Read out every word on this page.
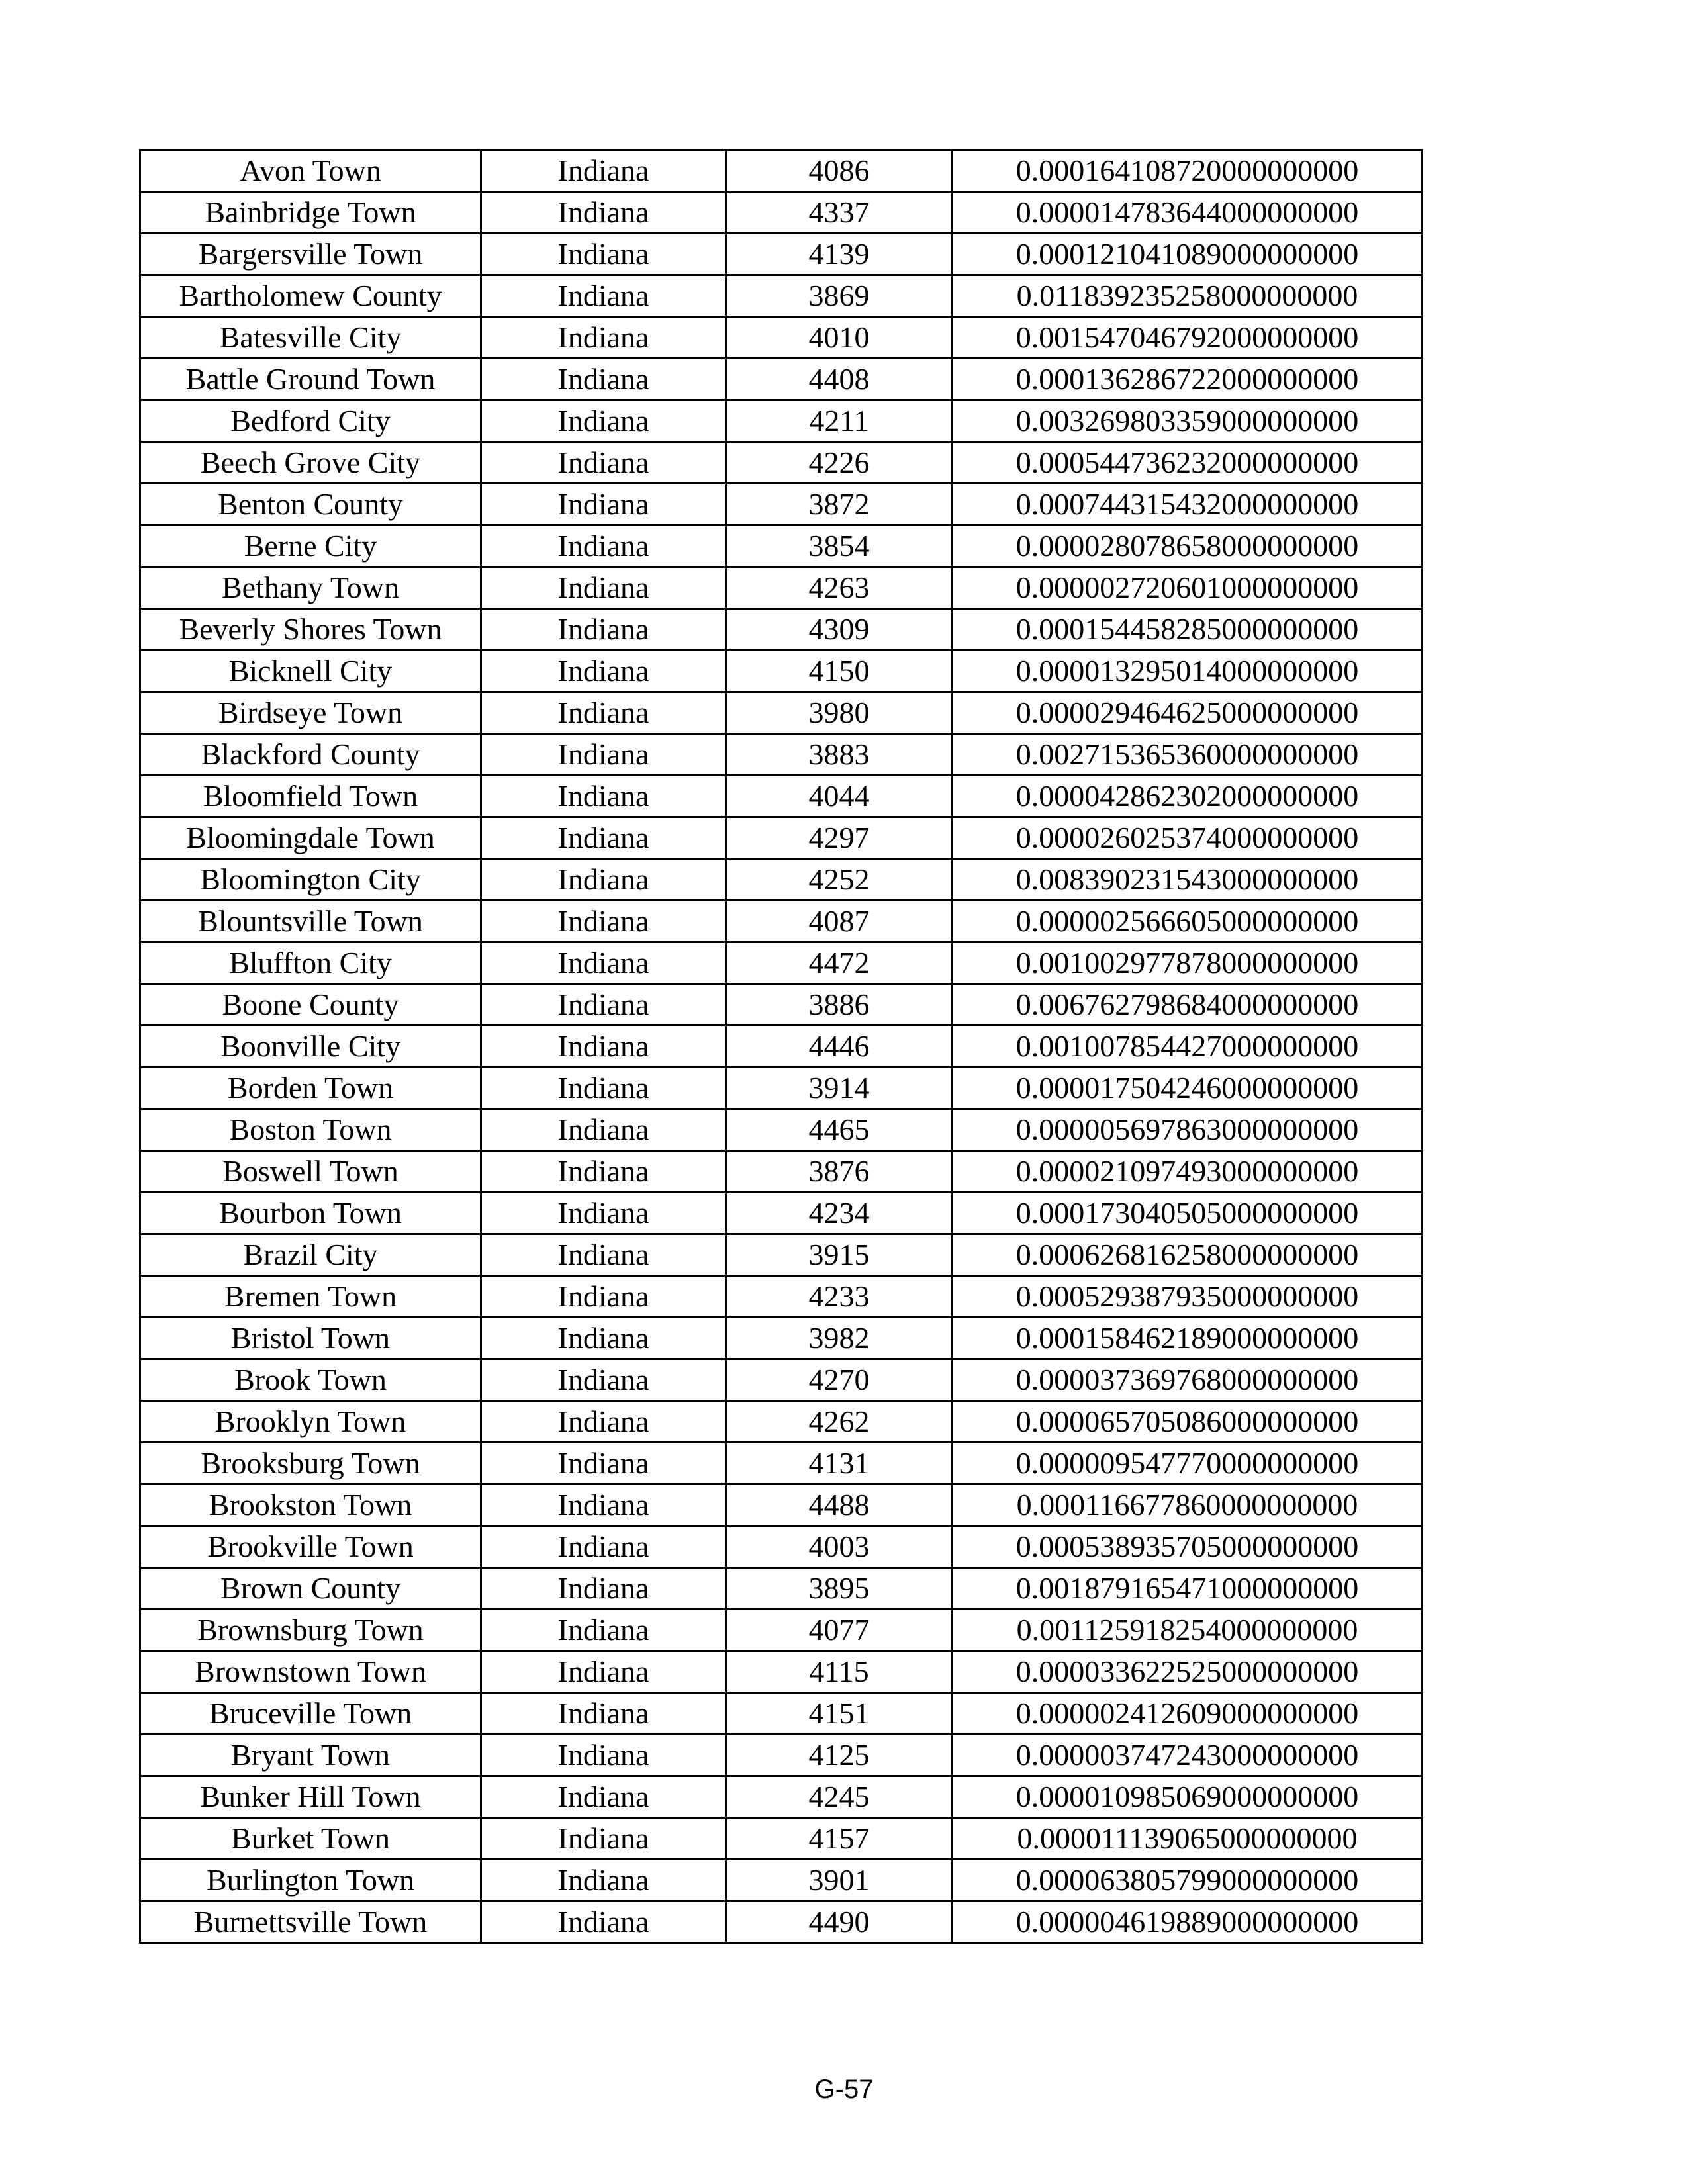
Avon Town	Indiana	4086	0.000164108720000000000
Bainbridge Town	Indiana	4337	0.000014783644000000000
Bargersville Town	Indiana	4139	0.000121041089000000000
Bartholomew County	Indiana	3869	0.011839235258000000000
Batesville City	Indiana	4010	0.001547046792000000000
Battle Ground Town	Indiana	4408	0.000136286722000000000
Bedford City	Indiana	4211	0.003269803359000000000
Beech Grove City	Indiana	4226	0.000544736232000000000
Benton County	Indiana	3872	0.000744315432000000000
Berne City	Indiana	3854	0.000028078658000000000
Bethany Town	Indiana	4263	0.000002720601000000000
Beverly Shores Town	Indiana	4309	0.000154458285000000000
Bicknell City	Indiana	4150	0.000013295014000000000
Birdseye Town	Indiana	3980	0.000029464625000000000
Blackford County	Indiana	3883	0.002715365360000000000
Bloomfield Town	Indiana	4044	0.000042862302000000000
Bloomingdale Town	Indiana	4297	0.000026025374000000000
Bloomington City	Indiana	4252	0.008390231543000000000
Blountsville Town	Indiana	4087	0.000002566605000000000
Bluffton City	Indiana	4472	0.001002977878000000000
Boone County	Indiana	3886	0.006762798684000000000
Boonville City	Indiana	4446	0.001007854427000000000
Borden Town	Indiana	3914	0.000017504246000000000
Boston Town	Indiana	4465	0.000005697863000000000
Boswell Town	Indiana	3876	0.000021097493000000000
Bourbon Town	Indiana	4234	0.000173040505000000000
Brazil City	Indiana	3915	0.000626816258000000000
Bremen Town	Indiana	4233	0.000529387935000000000
Bristol Town	Indiana	3982	0.000158462189000000000
Brook Town	Indiana	4270	0.000037369768000000000
Brooklyn Town	Indiana	4262	0.000065705086000000000
Brooksburg Town	Indiana	4131	0.000009547770000000000
Brookston Town	Indiana	4488	0.000116677860000000000
Brookville Town	Indiana	4003	0.000538935705000000000
Brown County	Indiana	3895	0.001879165471000000000
Brownsburg Town	Indiana	4077	0.001125918254000000000
Brownstown Town	Indiana	4115	0.000033622525000000000
Bruceville Town	Indiana	4151	0.000002412609000000000
Bryant Town	Indiana	4125	0.000003747243000000000
Bunker Hill Town	Indiana	4245	0.000010985069000000000
Burket Town	Indiana	4157	0.000011139065000000000
Burlington Town	Indiana	3901	0.000063805799000000000
Burnettsville Town	Indiana	4490	0.000004619889000000000
G-57
